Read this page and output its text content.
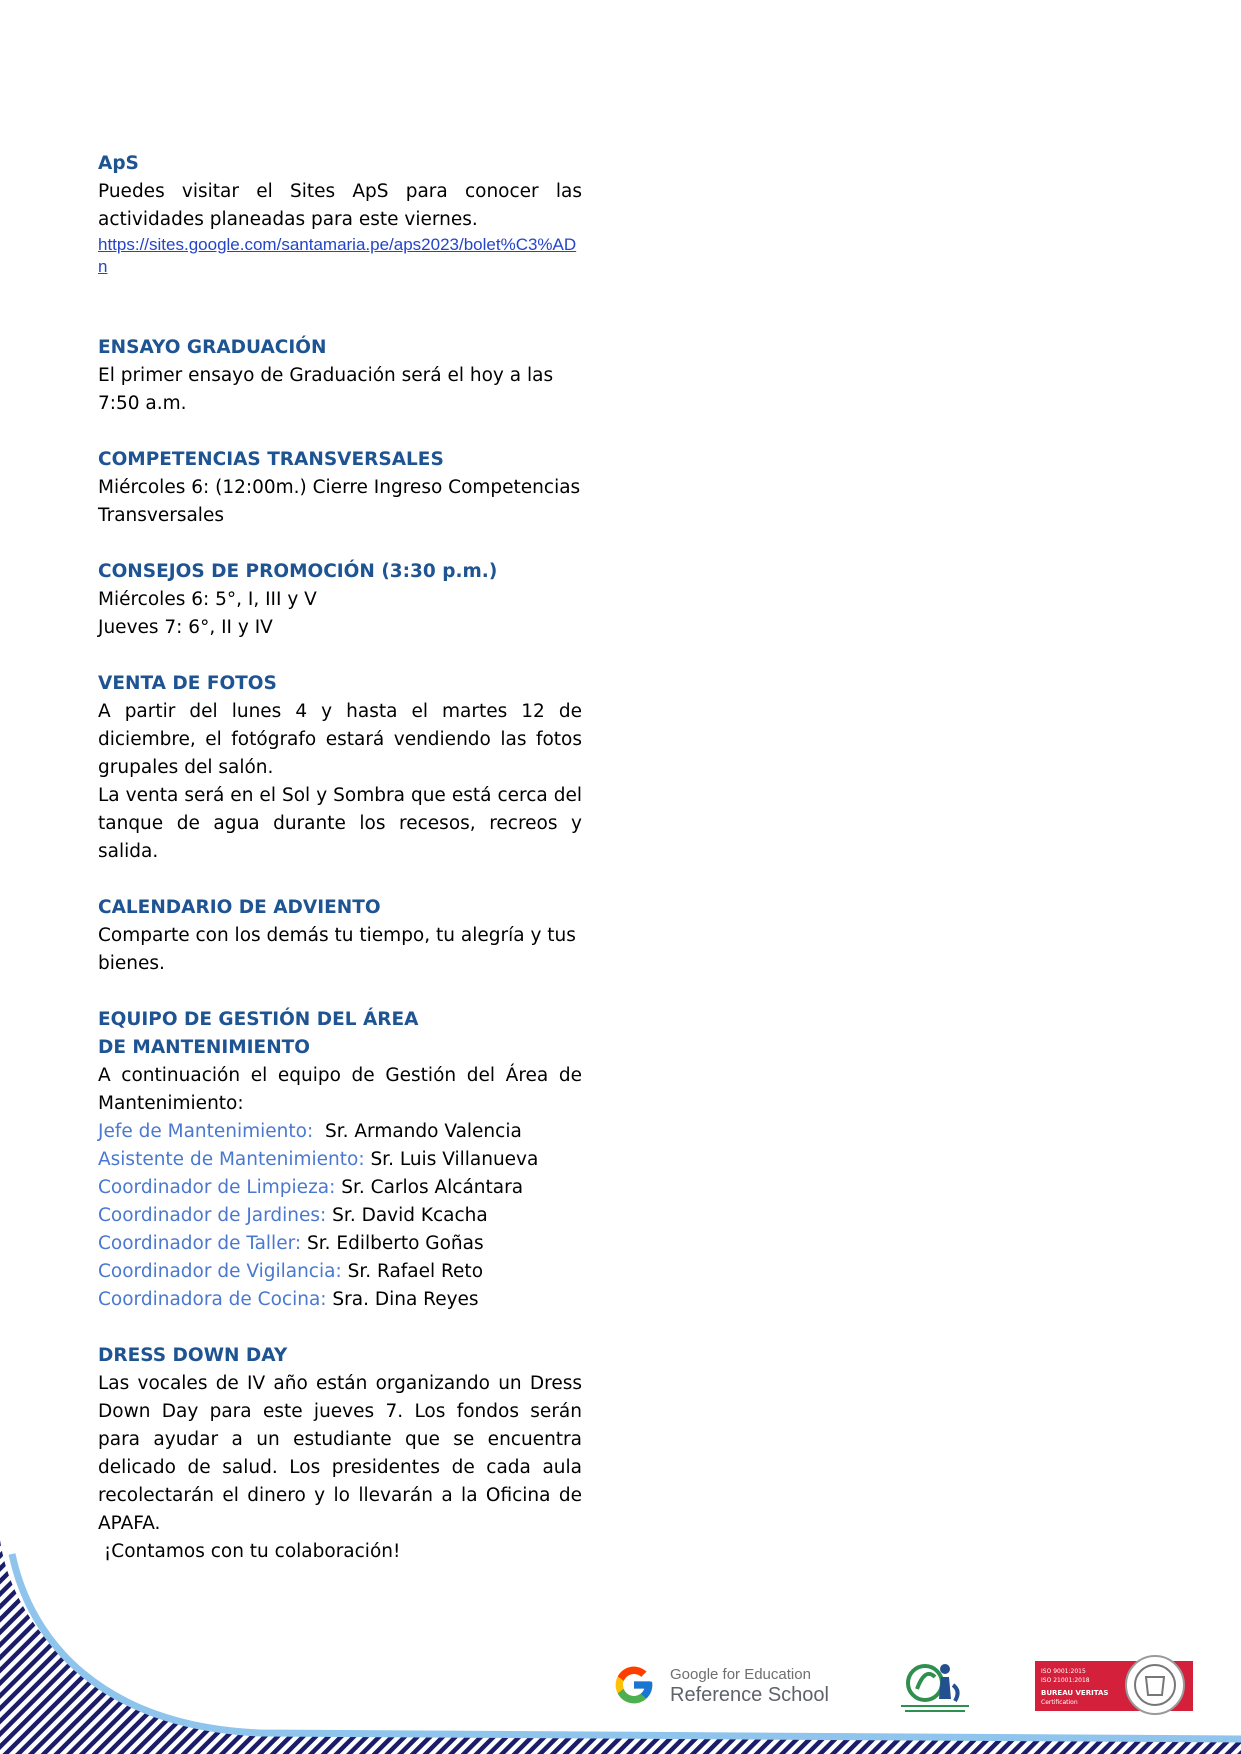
ApS

Puedes visitar el Sites ApS para conocer las actividades planeadas para este viernes.

https://sites.google.com/santamaria.pe/aps2023/bolet%C3%ADn

ENSAYO GRADUACIÓN

El primer ensayo de Graduación será el hoy a las 7:50 a.m.

COMPETENCIAS TRANSVERSALES

Miércoles 6: (12:00m.) Cierre Ingreso Competencias Transversales

CONSEJOS DE PROMOCIÓN (3:30 p.m.)

Miércoles 6: 5°, I, III y V

Jueves 7: 6°, II y IV

VENTA DE FOTOS

A partir del lunes 4 y hasta el martes 12 de diciembre, el fotógrafo estará vendiendo las fotos grupales del salón.

La venta será en el Sol y Sombra que está cerca del tanque de agua durante los recesos, recreos y salida.

CALENDARIO DE ADVIENTO

Comparte con los demás tu tiempo, tu alegría y tus bienes.

EQUIPO DE GESTIÓN DEL ÁREA DE MANTENIMIENTO

A continuación el equipo de Gestión del Área de Mantenimiento:

Jefe de Mantenimiento:  Sr. Armando Valencia

Asistente de Mantenimiento: Sr. Luis Villanueva

Coordinador de Limpieza: Sr. Carlos Alcántara

Coordinador de Jardines: Sr. David Kcacha

Coordinador de Taller: Sr. Edilberto Goñas

Coordinador de Vigilancia: Sr. Rafael Reto

Coordinadora de Cocina: Sra. Dina Reyes

DRESS DOWN DAY

Las vocales de IV año están organizando un Dress Down Day para este jueves 7. Los fondos serán para ayudar a un estudiante que se encuentra delicado de salud. Los presidentes de cada aula recolectarán el dinero y lo llevarán a la Oficina de APAFA.

¡Contamos con tu colaboración!

Google for Education
Reference School
ISO 9001:2015
ISO 21001:2018
BUREAU VERITAS
Certification
